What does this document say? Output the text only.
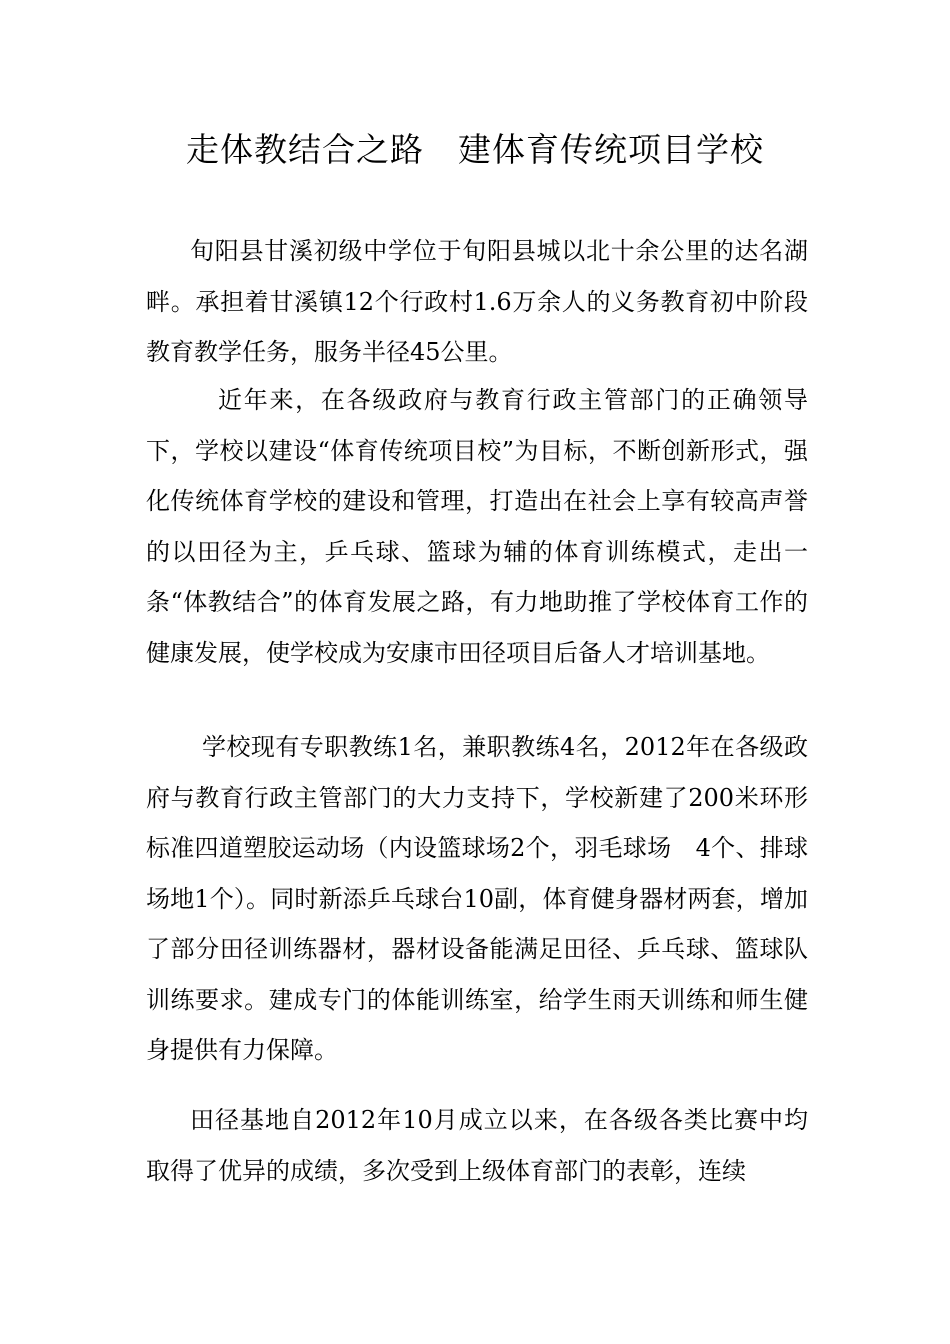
走体教结合之路　建体育传统项目学校

旬阳县甘溪初级中学位于旬阳县城以北十余公里的达名湖畔。承担着甘溪镇12个行政村1.6万余人的义务教育初中阶段教育教学任务，服务半径45公里。

近年来，在各级政府与教育行政主管部门的正确领导下，学校以建设“体育传统项目校”为目标，不断创新形式，强化传统体育学校的建设和管理，打造出在社会上享有较高声誉的以田径为主，乒乓球、篮球为辅的体育训练模式，走出一条“体教结合”的体育发展之路，有力地助推了学校体育工作的健康发展，使学校成为安康市田径项目后备人才培训基地。

学校现有专职教练1名，兼职教练4名，2012年在各级政府与教育行政主管部门的大力支持下，学校新建了200米环形标准四道塑胶运动场（内设篮球场2个，羽毛球场　4个、排球场地1个）。同时新添乒乓球台10副，体育健身器材两套，增加了部分田径训练器材，器材设备能满足田径、乒乓球、篮球队训练要求。建成专门的体能训练室，给学生雨天训练和师生健身提供有力保障。

田径基地自2012年10月成立以来，在各级各类比赛中均取得了优异的成绩，多次受到上级体育部门的表彰，连续
